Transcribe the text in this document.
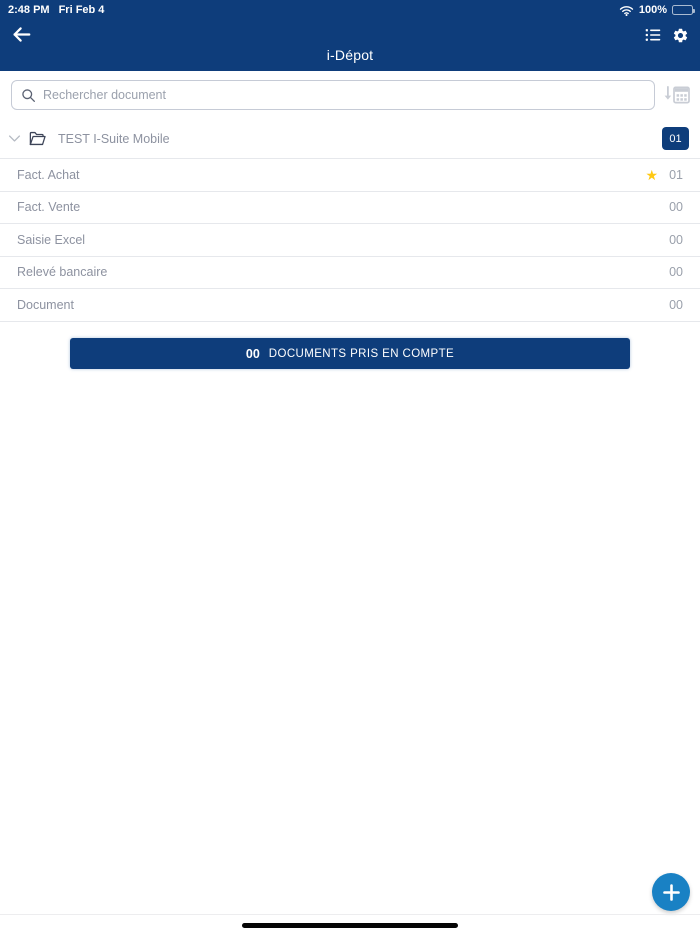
2:48 PM Fri Feb 4	100%
i-Dépot
Rechercher document
TEST I-Suite Mobile	01
Fact. Achat	★ 01
Fact. Vente	00
Saisie Excel	00
Relevé bancaire	00
Document	00
00 DOCUMENTS PRIS EN COMPTE
